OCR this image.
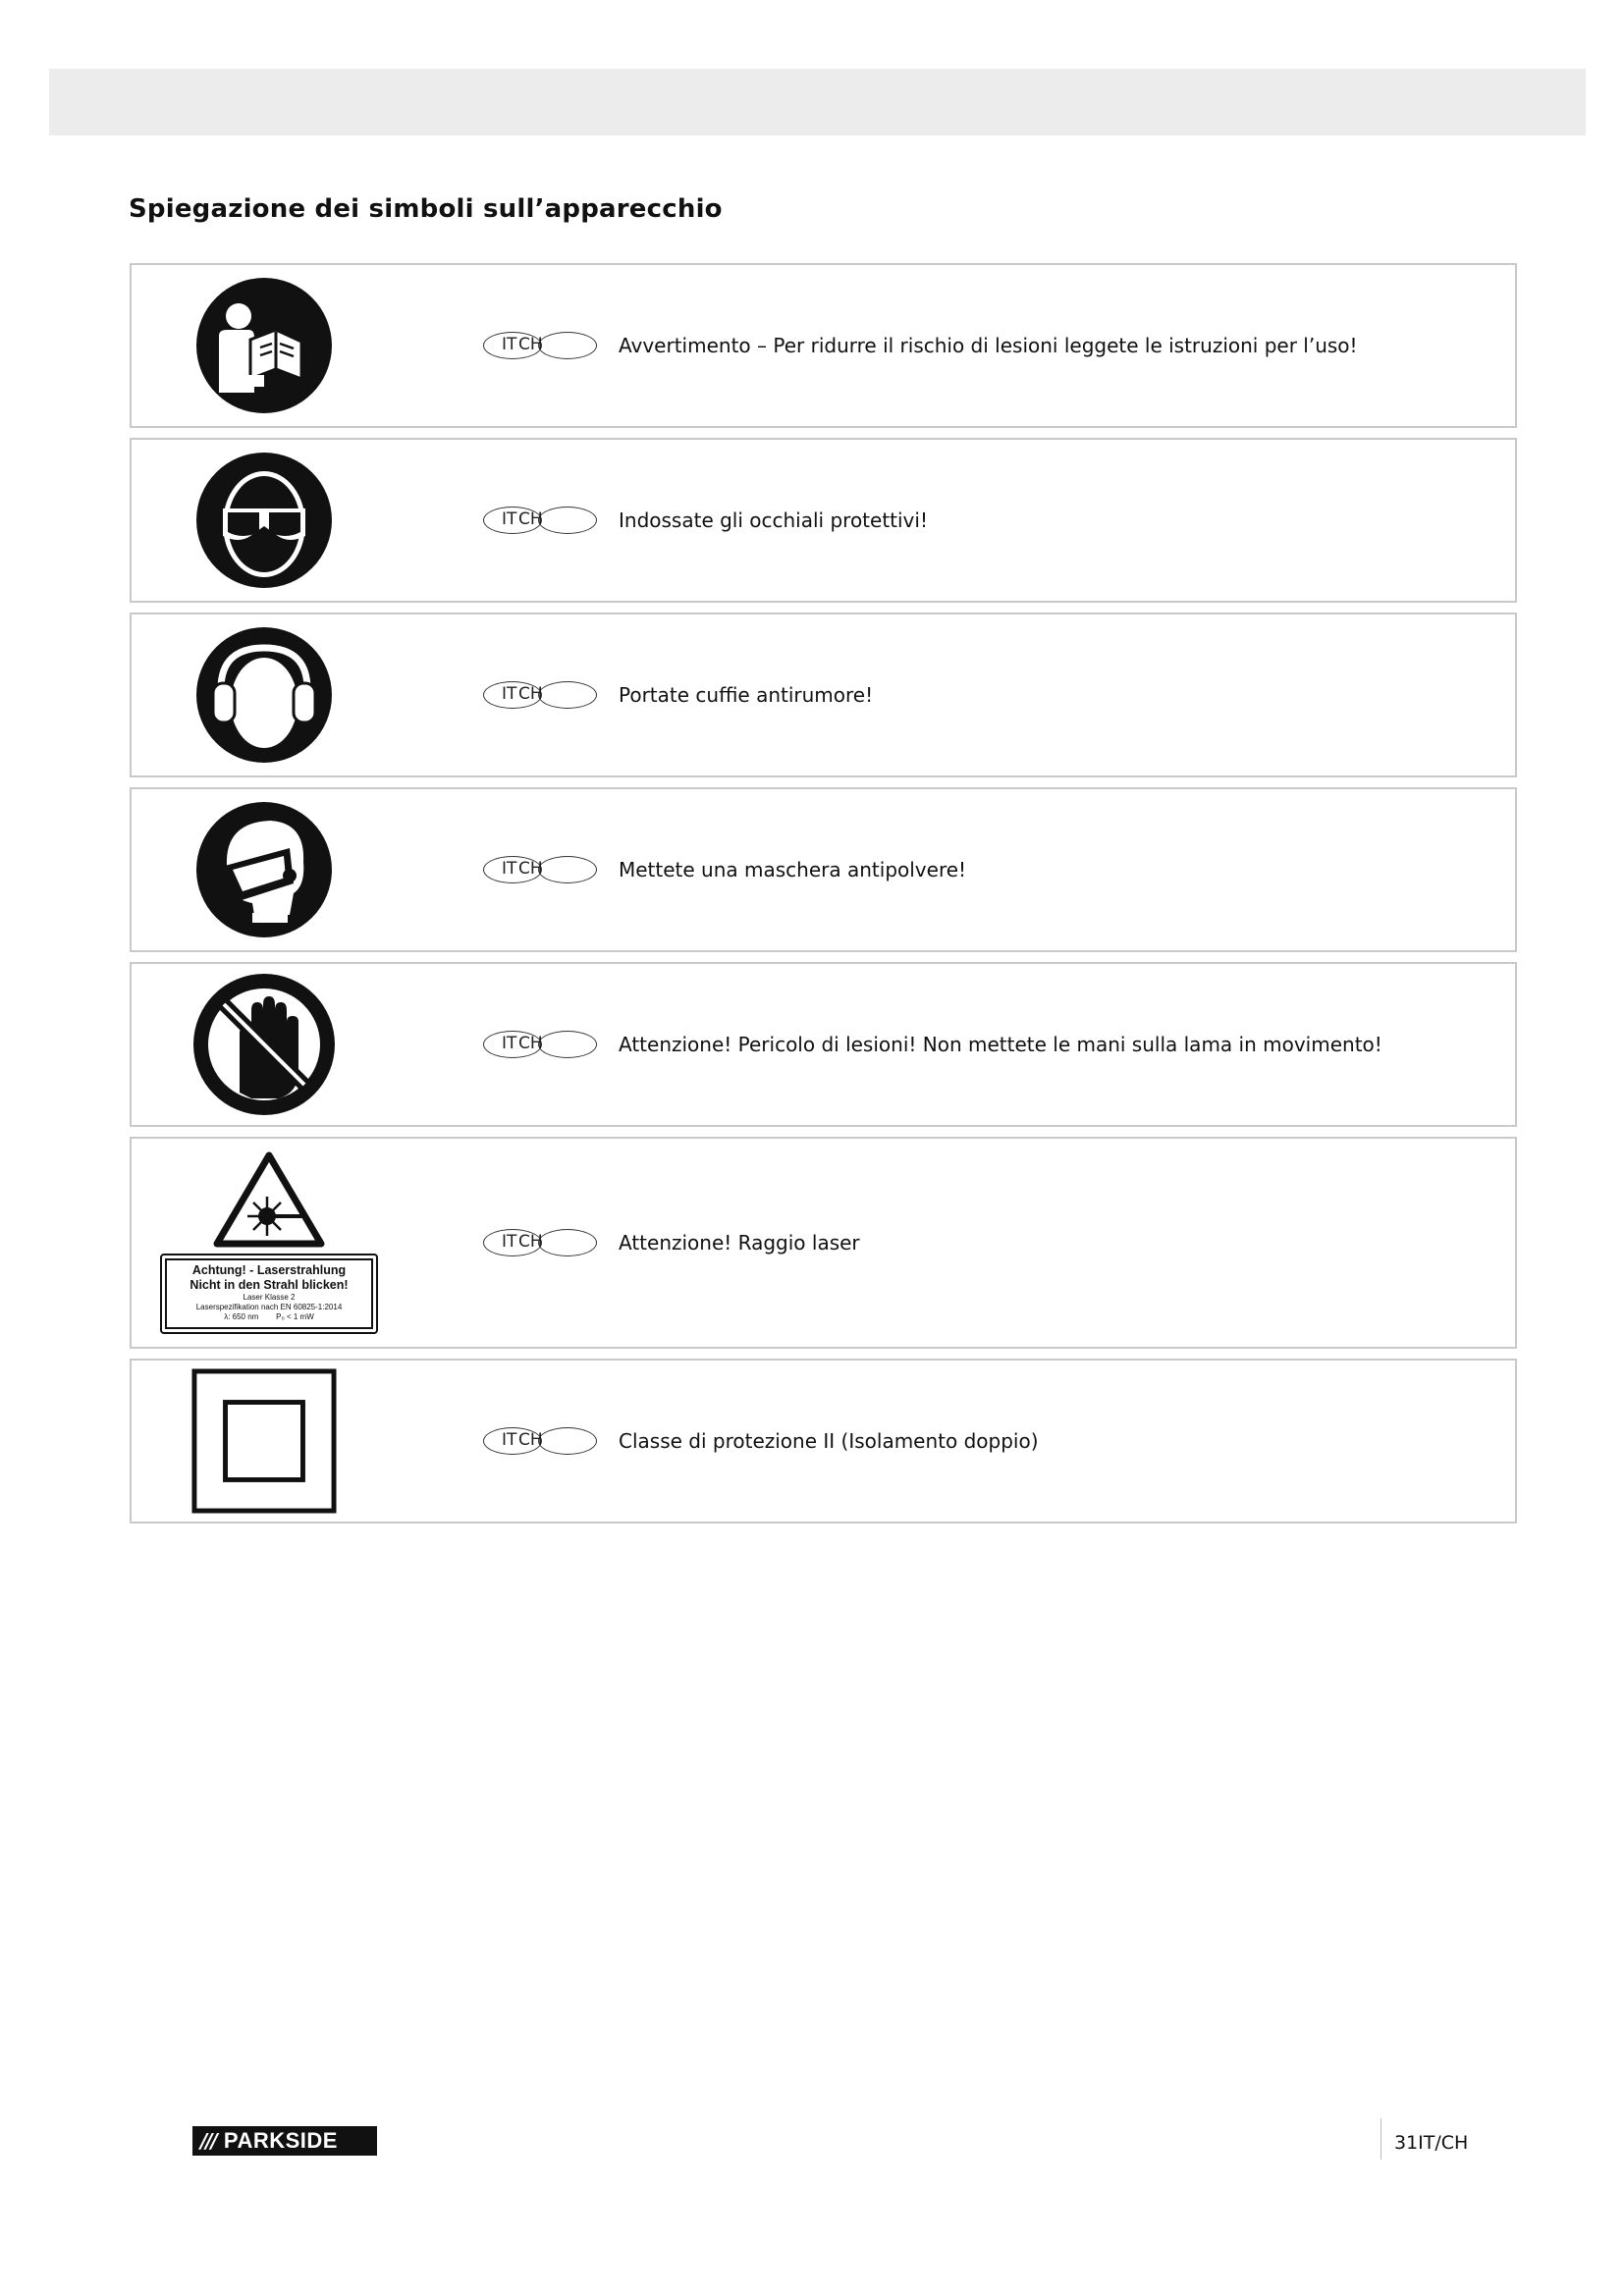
Spiegazione dei simboli sull’apparecchio
IT CH	Avvertimento – Per ridurre il rischio di lesioni leggete le istruzioni per l’uso!
IT CH	Indossate gli occhiali protettivi!
IT CH	Portate cuffie antirumore!
IT CH	Mettete una maschera antipolvere!
IT CH	Attenzione! Pericolo di lesioni! Non mettete le mani sulla lama in movimento!
Achtung! - Laserstrahlung
Nicht in den Strahl blicken!
Laser Klasse 2
Laserspezifikation nach EN 60825-1:2014
λ: 650 nm        P₀ < 1 mW
IT CH	Attenzione! Raggio laser
IT CH	Classe di protezione II (Isolamento doppio)
/// PARKSIDE	31IT/CH
